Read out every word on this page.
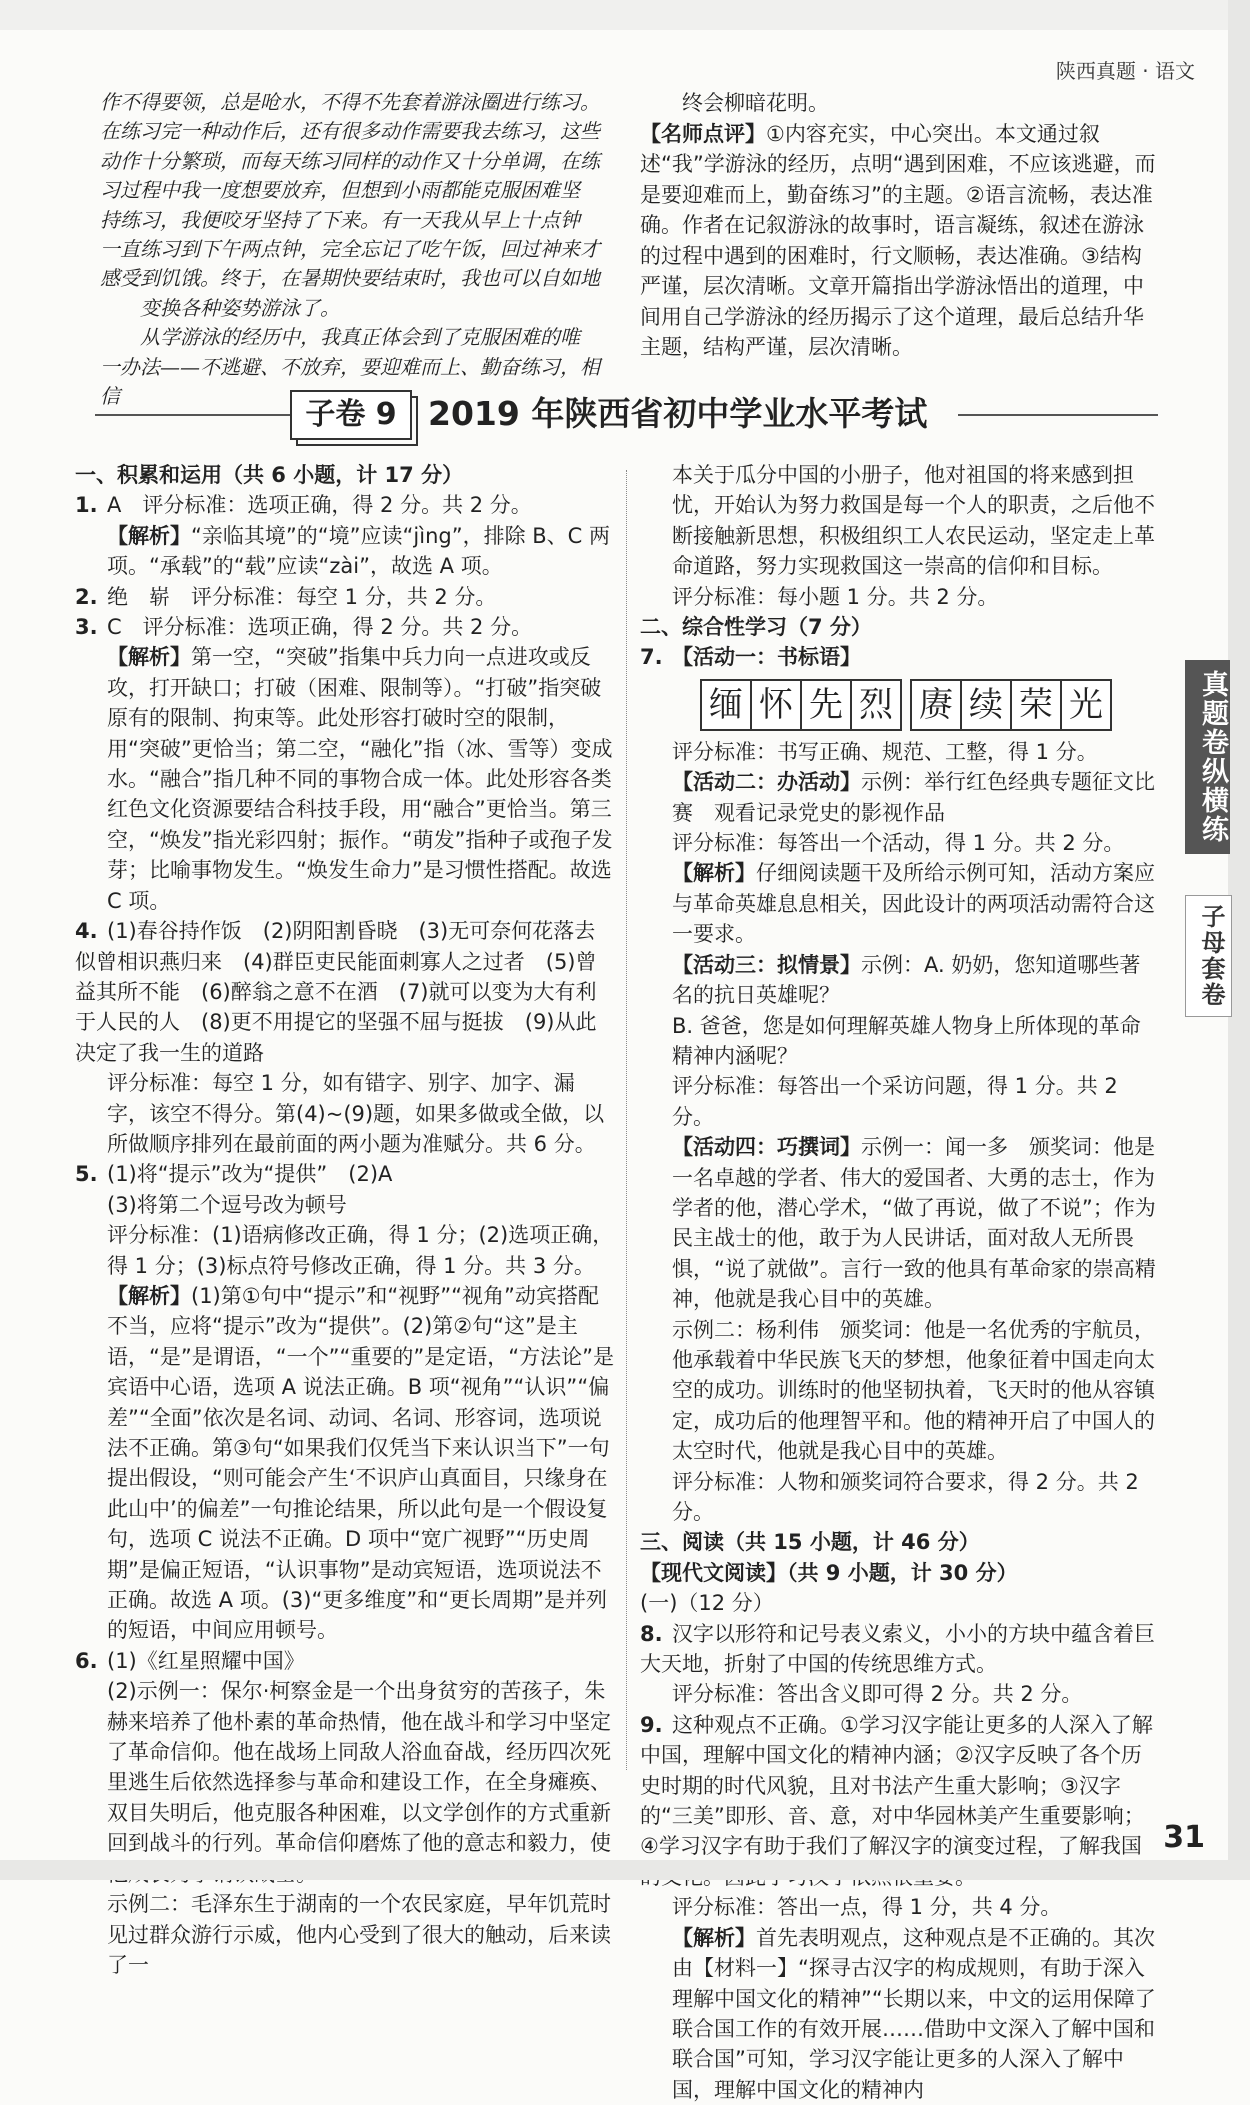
陕西真题 · 语文

作不得要领，总是呛水，不得不先套着游泳圈进行练习。

在练习完一种动作后，还有很多动作需要我去练习，这些

动作十分繁琐，而每天练习同样的动作又十分单调，在练

习过程中我一度想要放弃，但想到小雨都能克服困难坚

持练习，我便咬牙坚持了下来。有一天我从早上十点钟

一直练习到下午两点钟，完全忘记了吃午饭，回过神来才

感受到饥饿。终于，在暑期快要结束时，我也可以自如地

变换各种姿势游泳了。

从学游泳的经历中，我真正体会到了克服困难的唯

一办法——不逃避、不放弃，要迎难而上、勤奋练习，相信

终会柳暗花明。

【名师点评】①内容充实，中心突出。本文通过叙述“我”学游泳的经历，点明“遇到困难，不应该逃避，而是要迎难而上，勤奋练习”的主题。②语言流畅，表达准确。作者在记叙游泳的故事时，语言凝练，叙述在游泳的过程中遇到的困难时，行文顺畅，表达准确。③结构严谨，层次清晰。文章开篇指出学游泳悟出的道理，中间用自己学游泳的经历揭示了这个道理，最后总结升华主题，结构严谨，层次清晰。

子卷 9 2019 年陕西省初中学业水平考试

一、积累和运用（共 6 小题，计 17 分）

1. A　评分标准：选项正确，得 2 分。共 2 分。

【解析】“亲临其境”的“境”应读“jìng”，排除 B、C 两项。“承载”的“载”应读“zài”，故选 A 项。

2. 绝　崭　评分标准：每空 1 分，共 2 分。

3. C　评分标准：选项正确，得 2 分。共 2 分。

【解析】第一空，“突破”指集中兵力向一点进攻或反攻，打开缺口；打破（困难、限制等）。“打破”指突破原有的限制、拘束等。此处形容打破时空的限制，用“突破”更恰当；第二空，“融化”指（冰、雪等）变成水。“融合”指几种不同的事物合成一体。此处形容各类红色文化资源要结合科技手段，用“融合”更恰当。第三空，“焕发”指光彩四射；振作。“萌发”指种子或孢子发芽；比喻事物发生。“焕发生命力”是习惯性搭配。故选 C 项。

4. (1)春谷持作饭　(2)阴阳割昏晓　(3)无可奈何花落去　似曾相识燕归来　(4)群臣吏民能面刺寡人之过者　(5)曾益其所不能　(6)醉翁之意不在酒　(7)就可以变为大有利于人民的人　(8)更不用提它的坚强不屈与挺拔　(9)从此决定了我一生的道路

评分标准：每空 1 分，如有错字、别字、加字、漏字，该空不得分。第(4)~(9)题，如果多做或全做，以所做顺序排列在最前面的两小题为准赋分。共 6 分。

5. (1)将“提示”改为“提供”　(2)A

(3)将第二个逗号改为顿号

评分标准：(1)语病修改正确，得 1 分；(2)选项正确，得 1 分；(3)标点符号修改正确，得 1 分。共 3 分。

【解析】(1)第①句中“提示”和“视野”“视角”动宾搭配不当，应将“提示”改为“提供”。(2)第②句“这”是主语，“是”是谓语，“一个”“重要的”是定语，“方法论”是宾语中心语，选项 A 说法正确。B 项“视角”“认识”“偏差”“全面”依次是名词、动词、名词、形容词，选项说法不正确。第③句“如果我们仅凭当下来认识当下”一句提出假设，“则可能会产生‘不识庐山真面目，只缘身在此山中’的偏差”一句推论结果，所以此句是一个假设复句，选项 C 说法不正确。D 项中“宽广视野”“历史周期”是偏正短语，“认识事物”是动宾短语，选项说法不正确。故选 A 项。(3)“更多维度”和“更长周期”是并列的短语，中间应用顿号。

6. (1)《红星照耀中国》

(2)示例一：保尔·柯察金是一个出身贫穷的苦孩子，朱赫来培养了他朴素的革命热情，他在战斗和学习中坚定了革命信仰。他在战场上同敌人浴血奋战，经历四次死里逃生后依然选择参与革命和建设工作，在全身瘫痪、双目失明后，他克服各种困难，以文学创作的方式重新回到战斗的行列。革命信仰磨炼了他的意志和毅力，使

示例二：毛泽东生于湖南的一个农民家庭，早年饥荒时见过群众游行示威，他内心受到了很大的触动，后来读了一

本关于瓜分中国的小册子，他对祖国的将来感到担忧，开始认为努力救国是每一个人的职责，之后他不断接触新思想，积极组织工人农民运动，坚定走上革命道路，努力实现救国这一崇高的信仰和目标。

评分标准：每小题 1 分。共 2 分。

二、综合性学习（7 分）

7. 【活动一：书标语】

缅 怀 先 烈 赓 续 荣 光

评分标准：书写正确、规范、工整，得 1 分。

【活动二：办活动】示例：举行红色经典专题征文比赛　观看记录党史的影视作品

评分标准：每答出一个活动，得 1 分。共 2 分。

【解析】仔细阅读题干及所给示例可知，活动方案应与革命英雄息息相关，因此设计的两项活动需符合这一要求。

【活动三：拟情景】示例：A. 奶奶，您知道哪些著名的抗日英雄呢？

B. 爸爸，您是如何理解英雄人物身上所体现的革命精神内涵呢？

评分标准：每答出一个采访问题，得 1 分。共 2 分。

【活动四：巧撰词】示例一：闻一多　颁奖词：他是一名卓越的学者、伟大的爱国者、大勇的志士，作为学者的他，潜心学术，“做了再说，做了不说”；作为民主战士的他，敢于为人民讲话，面对敌人无所畏惧，“说了就做”。言行一致的他具有革命家的崇高精神，他就是我心目中的英雄。

示例二：杨利伟　颁奖词：他是一名优秀的宇航员，他承载着中华民族飞天的梦想，他象征着中国走向太空的成功。训练时的他坚韧执着，飞天时的他从容镇定，成功后的他理智平和。他的精神开启了中国人的太空时代，他就是我心目中的英雄。

评分标准：人物和颁奖词符合要求，得 2 分。共 2 分。

三、阅读（共 15 小题，计 46 分）

【现代文阅读】（共 9 小题，计 30 分）

(一)（12 分）

8. 汉字以形符和记号表义索义，小小的方块中蕴含着巨大天地，折射了中国的传统思维方式。

评分标准：答出含义即可得 2 分。共 2 分。

9. 这种观点不正确。①学习汉字能让更多的人深入了解中国，理解中国文化的精神内涵；②汉字反映了各个历史时期的时代风貌，且对书法产生重大影响；③汉字的“三美”即形、音、意，对中华园林美产生重要影响；④学习汉字有助于我们了解汉字的演变过程，了解我国

评分标准：答出一点，得 1 分，共 4 分。

【解析】首先表明观点，这种观点是不正确的。其次由【材料一】“探寻古汉字的构成规则，有助于深入理解中国文化的精神”“长期以来，中文的运用保障了联合国工作的有效开展……借助中文深入了解中国和联合国”可知，学习汉字能让更多的人深入了解中国，理解中国文化的精神内

真题卷纵横练
子母套卷
31
